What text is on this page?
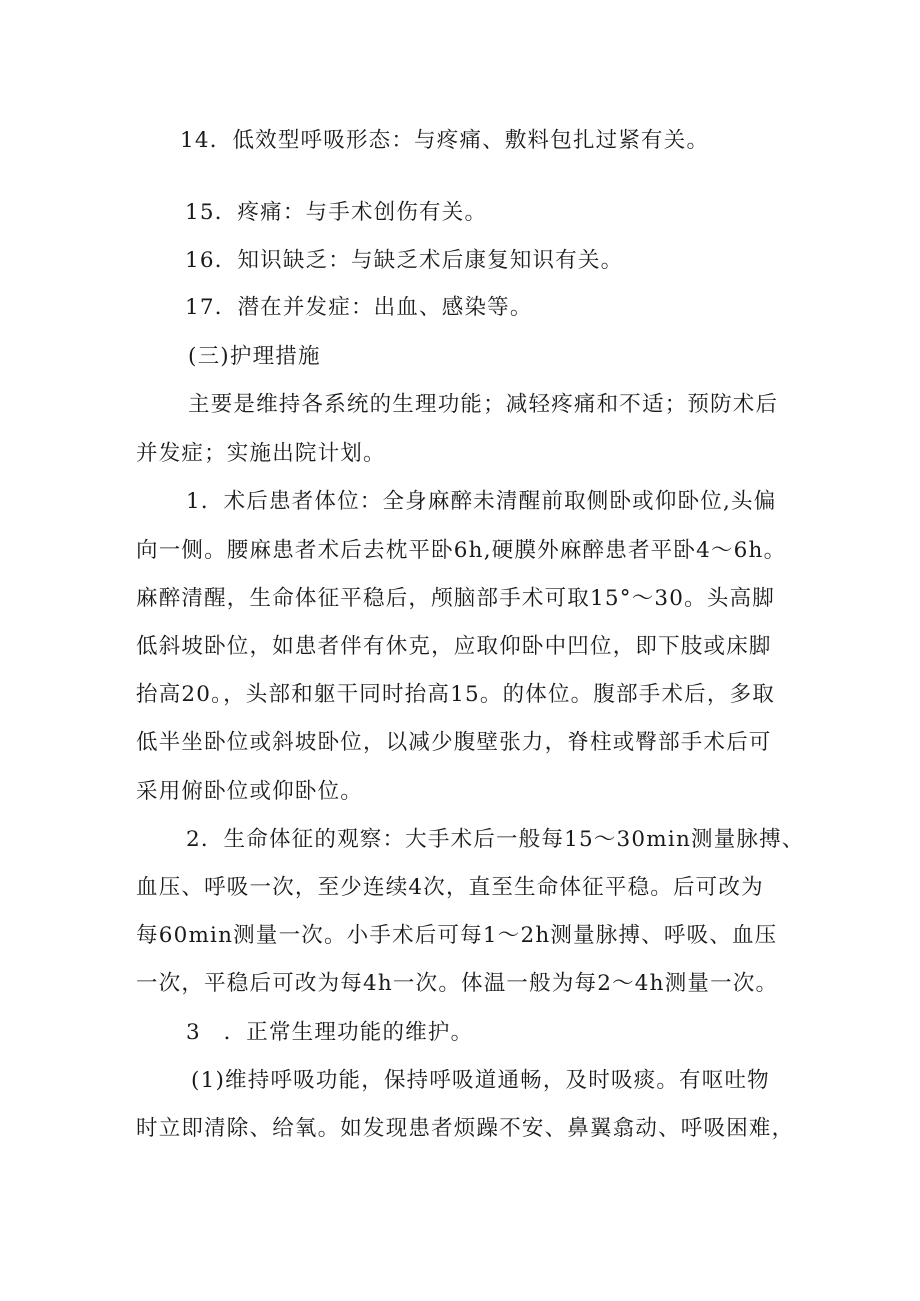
14．低效型呼吸形态：与疼痛、敷料包扎过紧有关。
15．疼痛：与手术创伤有关。
16．知识缺乏：与缺乏术后康复知识有关。
17．潜在并发症：出血、感染等。
(三)护理措施
主要是维持各系统的生理功能；减轻疼痛和不适；预防术后
并发症；实施出院计划。
1．术后患者体位：全身麻醉未清醒前取侧卧或仰卧位,头偏
向一侧。腰麻患者术后去枕平卧6h,硬膜外麻醉患者平卧4～6h。
麻醉清醒，生命体征平稳后，颅脑部手术可取15°～30。头高脚
低斜坡卧位，如患者伴有休克，应取仰卧中凹位，即下肢或床脚
抬高20。，头部和躯干同时抬高15。的体位。腹部手术后，多取
低半坐卧位或斜坡卧位，以减少腹壁张力，脊柱或臀部手术后可
采用俯卧位或仰卧位。
2．生命体征的观察：大手术后一般每15～30min测量脉搏、
血压、呼吸一次，至少连续4次，直至生命体征平稳。后可改为
每60min测量一次。小手术后可每1～2h测量脉搏、呼吸、血压
一次，平稳后可改为每4h一次。体温一般为每2～4h测量一次。
3　．正常生理功能的维护。
(1)维持呼吸功能，保持呼吸道通畅，及时吸痰。有呕吐物
时立即清除、给氧。如发现患者烦躁不安、鼻翼翕动、呼吸困难，
